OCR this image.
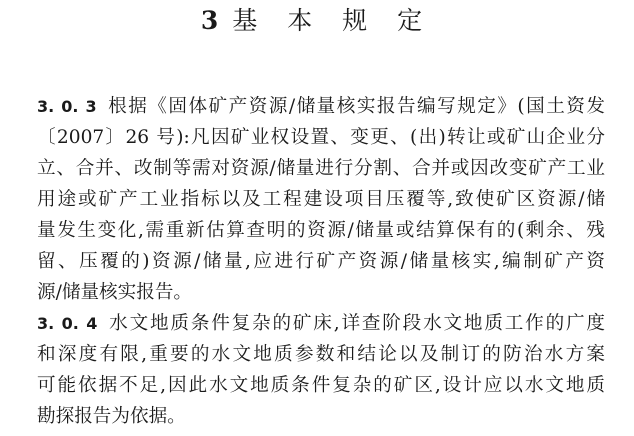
3 基 本 规 定
3. 0. 3 根据《固体矿产资源/储量核实报告编写规定》(国土资发
〔2007〕26 号):凡因矿业权设置、变更、(出)转让或矿山企业分
立、合并、改制等需对资源/储量进行分割、合并或因改变矿产工业
用途或矿产工业指标以及工程建设项目压覆等,致使矿区资源/储
量发生变化,需重新估算查明的资源/储量或结算保有的(剩余、残
留、压覆的)资源/储量,应进行矿产资源/储量核实,编制矿产资
源/储量核实报告。
3. 0. 4 水文地质条件复杂的矿床,详查阶段水文地质工作的广度
和深度有限,重要的水文地质参数和结论以及制订的防治水方案
可能依据不足,因此水文地质条件复杂的矿区,设计应以水文地质
勘探报告为依据。
